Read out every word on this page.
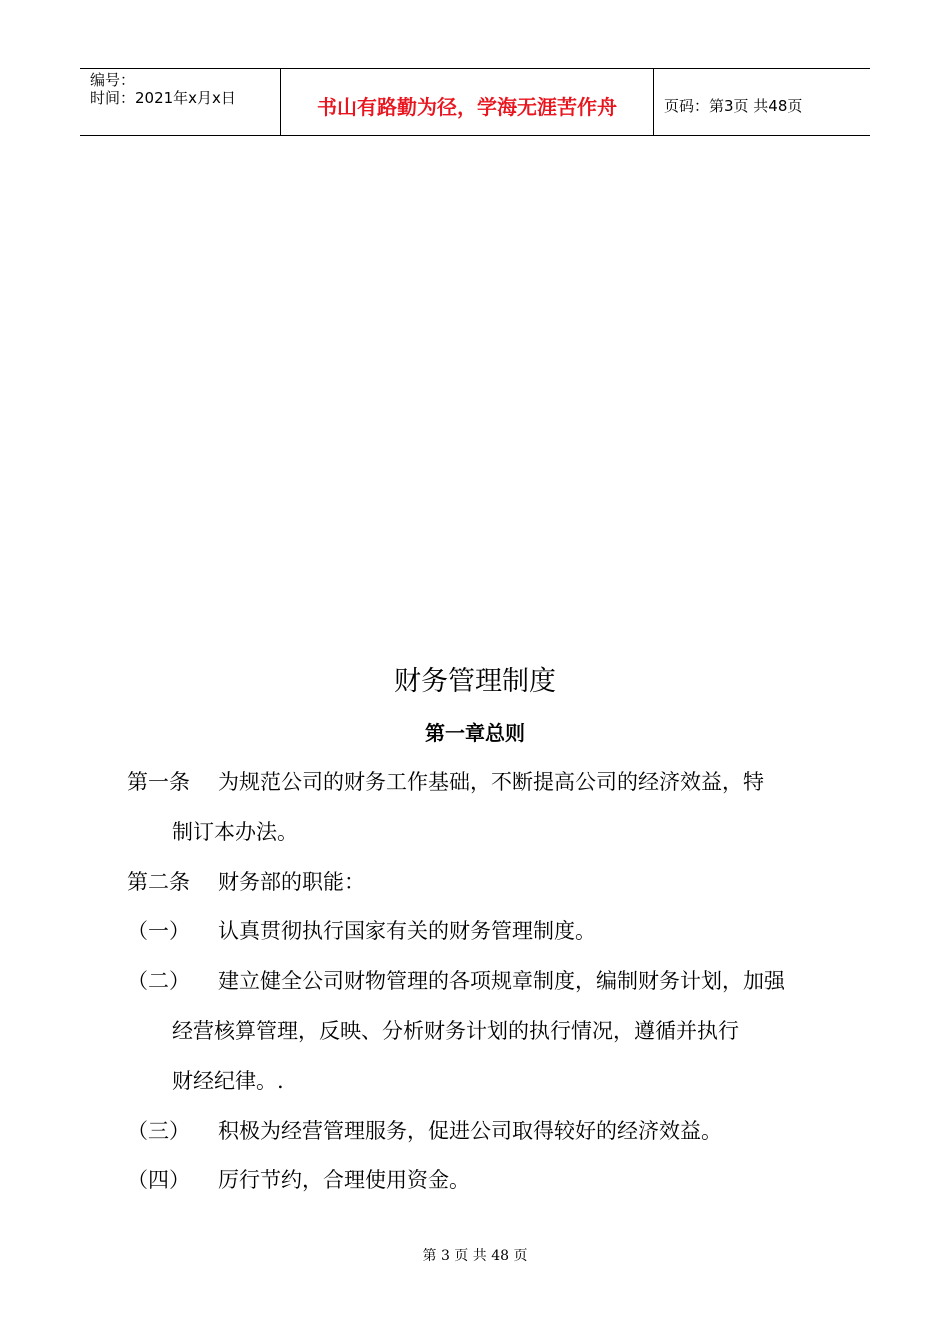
编号：
时间：2021年x月x日	书山有路勤为径，学海无涯苦作舟	页码：第3页 共48页
财务管理制度
第一章总则
第一条 为规范公司的财务工作基础，不断提高公司的经济效益，特
制订本办法。
第二条 财务部的职能：
（一） 认真贯彻执行国家有关的财务管理制度。
（二） 建立健全公司财物管理的各项规章制度，编制财务计划，加强
经营核算管理，反映、分析财务计划的执行情况，遵循并执行
财经纪律。.
（三） 积极为经营管理服务，促进公司取得较好的经济效益。
（四） 厉行节约，合理使用资金。
第 3 页 共 48 页
